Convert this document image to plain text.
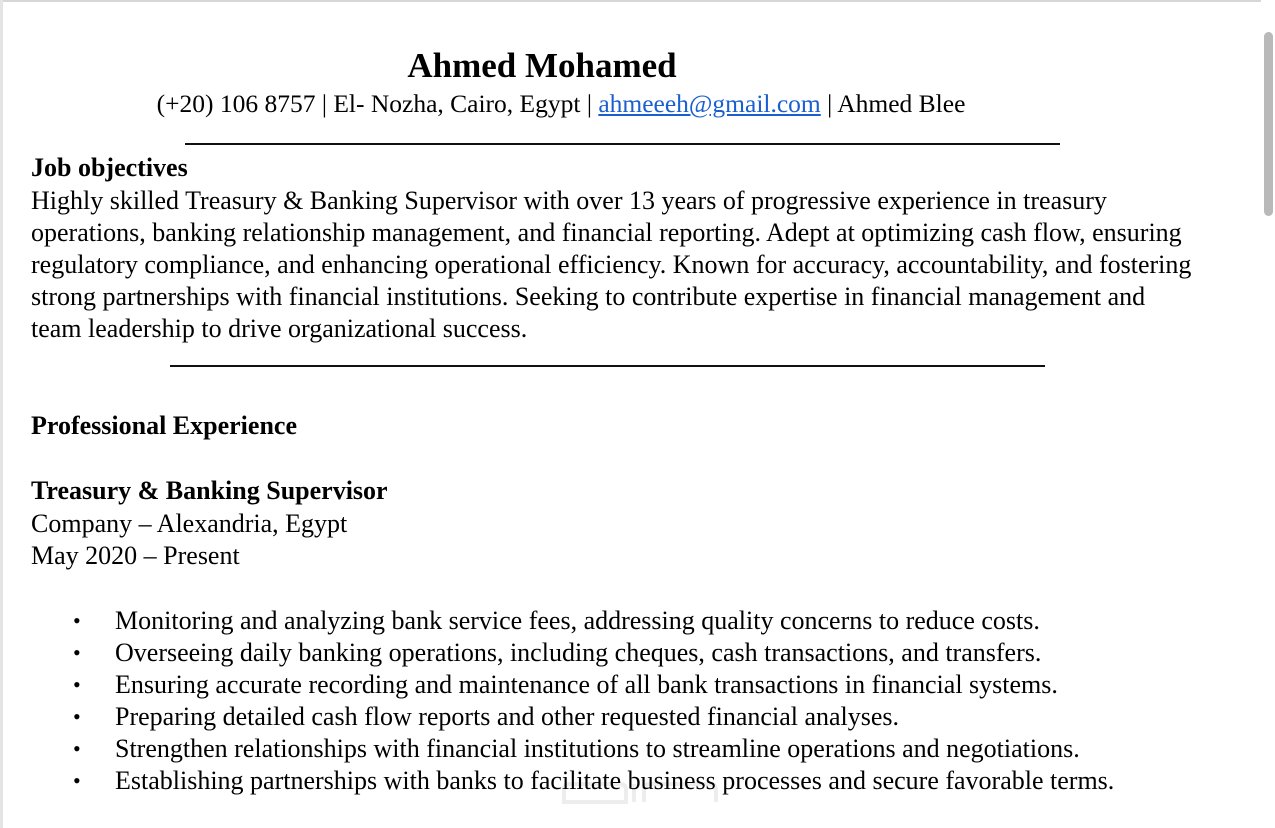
Ahmed Mohamed
(+20) 106 8757 | El- Nozha, Cairo, Egypt | ahmeeeh@gmail.com | Ahmed Blee
Job objectives
Highly skilled Treasury & Banking Supervisor with over 13 years of progressive experience in treasury
operations, banking relationship management, and financial reporting. Adept at optimizing cash flow, ensuring
regulatory compliance, and enhancing operational efficiency. Known for accuracy, accountability, and fostering
strong partnerships with financial institutions. Seeking to contribute expertise in financial management and
team leadership to drive organizational success.
Professional Experience
Treasury & Banking Supervisor
Company – Alexandria, Egypt
May 2020 – Present
• Monitoring and analyzing bank service fees, addressing quality concerns to reduce costs.
• Overseeing daily banking operations, including cheques, cash transactions, and transfers.
• Ensuring accurate recording and maintenance of all bank transactions in financial systems.
• Preparing detailed cash flow reports and other requested financial analyses.
• Strengthen relationships with financial institutions to streamline operations and negotiations.
• Establishing partnerships with banks to facilitate business processes and secure favorable terms.
